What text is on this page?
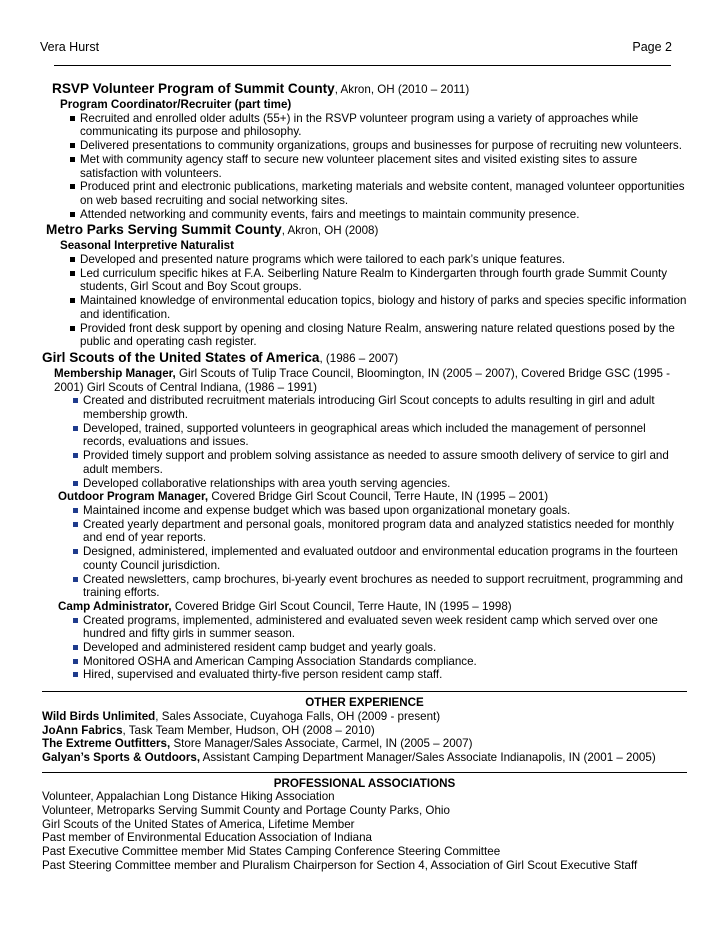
Vera Hurst	Page 2

RSVP Volunteer Program of Summit County, Akron, OH (2010 – 2011)

Program Coordinator/Recruiter (part time)

Recruited and enrolled older adults (55+) in the RSVP volunteer program using a variety of approaches while communicating its purpose and philosophy.
Delivered presentations to community organizations, groups and businesses for purpose of recruiting new volunteers.
Met with community agency staff to secure new volunteer placement sites and visited existing sites to assure satisfaction with volunteers.
Produced print and electronic publications, marketing materials and website content, managed volunteer opportunities on web based recruiting and social networking sites.
Attended networking and community events, fairs and meetings to maintain community presence.

Metro Parks Serving Summit County, Akron, OH (2008)

Seasonal Interpretive Naturalist

Developed and presented nature programs which were tailored to each park’s unique features.
Led curriculum specific hikes at F.A. Seiberling Nature Realm to Kindergarten through fourth grade Summit County students, Girl Scout and Boy Scout groups.
Maintained knowledge of environmental education topics, biology and history of parks and species specific information and identification.
Provided front desk support by opening and closing Nature Realm, answering nature related questions posed by the public and operating cash register.

Girl Scouts of the United States of America, (1986 – 2007)

Membership Manager, Girl Scouts of Tulip Trace Council, Bloomington, IN (2005 – 2007), Covered Bridge GSC (1995 - 2001) Girl Scouts of Central Indiana, (1986 – 1991)

Created and distributed recruitment materials introducing Girl Scout concepts to adults resulting in girl and adult membership growth.
Developed, trained, supported volunteers in geographical areas which included the management of personnel records, evaluations and issues.
Provided timely support and problem solving assistance as needed to assure smooth delivery of service to girl and adult members.
Developed collaborative relationships with area youth serving agencies.

Outdoor Program Manager, Covered Bridge Girl Scout Council, Terre Haute, IN (1995 – 2001)

Maintained income and expense budget which was based upon organizational monetary goals.
Created yearly department and personal goals, monitored program data and analyzed statistics needed for monthly and end of year reports.
Designed, administered, implemented and evaluated outdoor and environmental education programs in the fourteen county Council jurisdiction.
Created newsletters, camp brochures, bi-yearly event brochures as needed to support recruitment, programming and training efforts.

Camp Administrator, Covered Bridge Girl Scout Council, Terre Haute, IN (1995 – 1998)

Created programs, implemented, administered and evaluated seven week resident camp which served over one hundred and fifty girls in summer season.
Developed and administered resident camp budget and yearly goals.
Monitored OSHA and American Camping Association Standards compliance.
Hired, supervised and evaluated thirty-five person resident camp staff.

OTHER EXPERIENCE

Wild Birds Unlimited, Sales Associate, Cuyahoga Falls, OH (2009 - present)

JoAnn Fabrics, Task Team Member, Hudson, OH (2008 – 2010)

The Extreme Outfitters, Store Manager/Sales Associate, Carmel, IN (2005 – 2007)

Galyan’s Sports & Outdoors, Assistant Camping Department Manager/Sales Associate Indianapolis, IN (2001 – 2005)

PROFESSIONAL ASSOCIATIONS

Volunteer, Appalachian Long Distance Hiking Association

Volunteer, Metroparks Serving Summit County and Portage County Parks, Ohio

Girl Scouts of the United States of America, Lifetime Member

Past member of Environmental Education Association of Indiana

Past Executive Committee member Mid States Camping Conference Steering Committee

Past Steering Committee member and Pluralism Chairperson for Section 4, Association of Girl Scout Executive Staff
